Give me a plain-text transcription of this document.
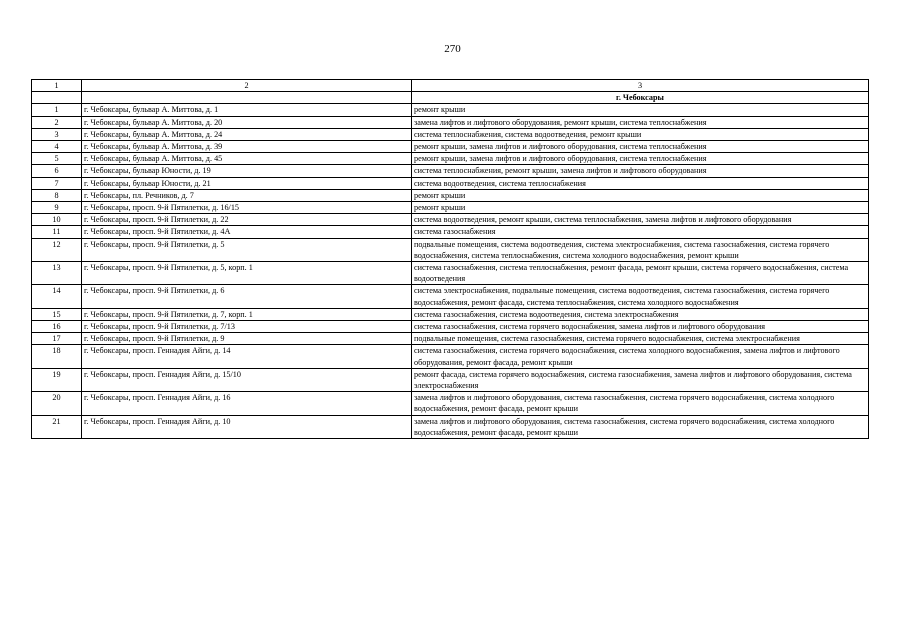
270
1	2	3
		г. Чебоксары
1	г. Чебоксары, бульвар А. Миттова, д. 1	ремонт крыши
2	г. Чебоксары, бульвар А. Миттова, д. 20	замена лифтов и лифтового оборудования, ремонт крыши, система теплоснабжения
3	г. Чебоксары, бульвар А. Миттова, д. 24	система теплоснабжения, система водоотведения, ремонт крыши
4	г. Чебоксары, бульвар А. Миттова, д. 39	ремонт крыши, замена лифтов и лифтового оборудования, система теплоснабжения
5	г. Чебоксары, бульвар А. Миттова, д. 45	ремонт крыши, замена лифтов и лифтового оборудования, система теплоснабжения
6	г. Чебоксары, бульвар Юности, д. 19	система теплоснабжения, ремонт крыши, замена лифтов и лифтового оборудования
7	г. Чебоксары, бульвар Юности, д. 21	система водоотведения, система теплоснабжения
8	г. Чебоксары, пл. Речников, д. 7	ремонт крыши
9	г. Чебоксары, просп. 9-й Пятилетки, д. 16/15	ремонт крыши
10	г. Чебоксары, просп. 9-й Пятилетки, д. 22	система водоотведения, ремонт крыши, система теплоснабжения, замена лифтов и лифтового оборудования
11	г. Чебоксары, просп. 9-й Пятилетки, д. 4А	система газоснабжения
12	г. Чебоксары, просп. 9-й Пятилетки, д. 5	подвальные помещения, система водоотведения, система электроснабжения, система газоснабжения, система горячего водоснабжения, система теплоснабжения, система холодного водоснабжения, ремонт крыши
13	г. Чебоксары, просп. 9-й Пятилетки, д. 5, корп. 1	система газоснабжения, система теплоснабжения, ремонт фасада, ремонт крыши, система горячего водоснабжения, система водоотведения
14	г. Чебоксары, просп. 9-й Пятилетки, д. 6	система электроснабжения, подвальные помещения, система водоотведения, система газоснабжения, система горячего водоснабжения, ремонт фасада, система теплоснабжения, система холодного водоснабжения
15	г. Чебоксары, просп. 9-й Пятилетки, д. 7, корп. 1	система газоснабжения, система водоотведения, система электроснабжения
16	г. Чебоксары, просп. 9-й Пятилетки, д. 7/13	система газоснабжения, система горячего водоснабжения, замена лифтов и лифтового оборудования
17	г. Чебоксары, просп. 9-й Пятилетки, д. 9	подвальные помещения, система газоснабжения, система горячего водоснабжения, система электроснабжения
18	г. Чебоксары, просп. Геннадия Айги, д. 14	система газоснабжения, система горячего водоснабжения, система холодного водоснабжения, замена лифтов и лифтового оборудования, ремонт фасада, ремонт крыши
19	г. Чебоксары, просп. Геннадия Айги, д. 15/10	ремонт фасада, система горячего водоснабжения, система газоснабжения, замена лифтов и лифтового оборудования, система электроснабжения
20	г. Чебоксары, просп. Геннадия Айги, д. 16	замена лифтов и лифтового оборудования, система газоснабжения, система горячего водоснабжения, система холодного водоснабжения, ремонт фасада, ремонт крыши
21	г. Чебоксары, просп. Геннадия Айги, д. 10	замена лифтов и лифтового оборудования, система газоснабжения, система горячего водоснабжения, система холодного водоснабжения, ремонт фасада, ремонт крыши
